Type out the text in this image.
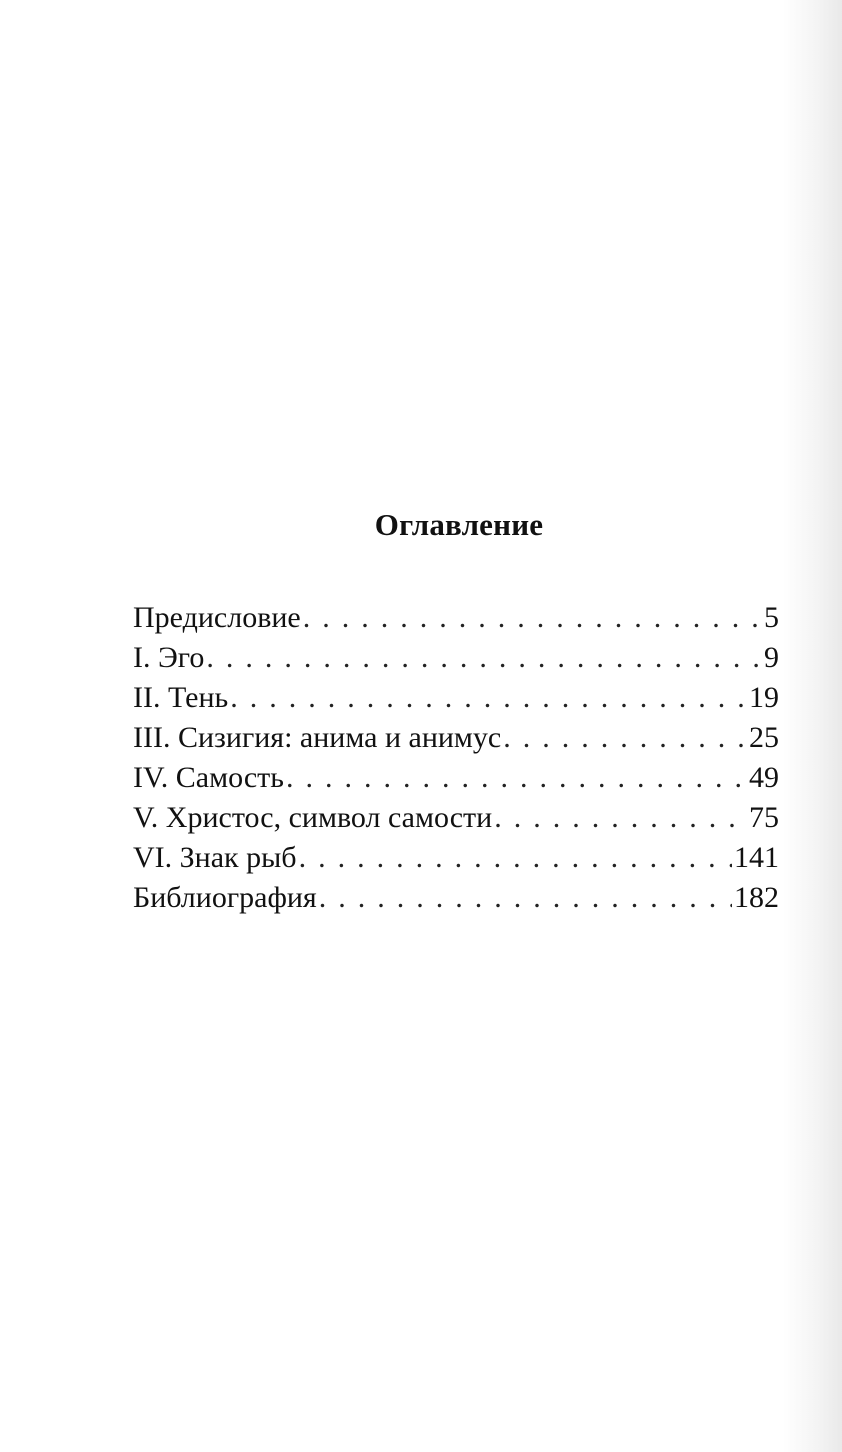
Оглавление
Предисловие . . .	5
I. Эго . . .	9
II. Тень . . .	19
III. Сизигия: анима и анимус . . .	25
IV. Самость . . .	49
V. Христос, символ самости . . .	75
VI. Знак рыб . . .	141
Библиография . . .	182
